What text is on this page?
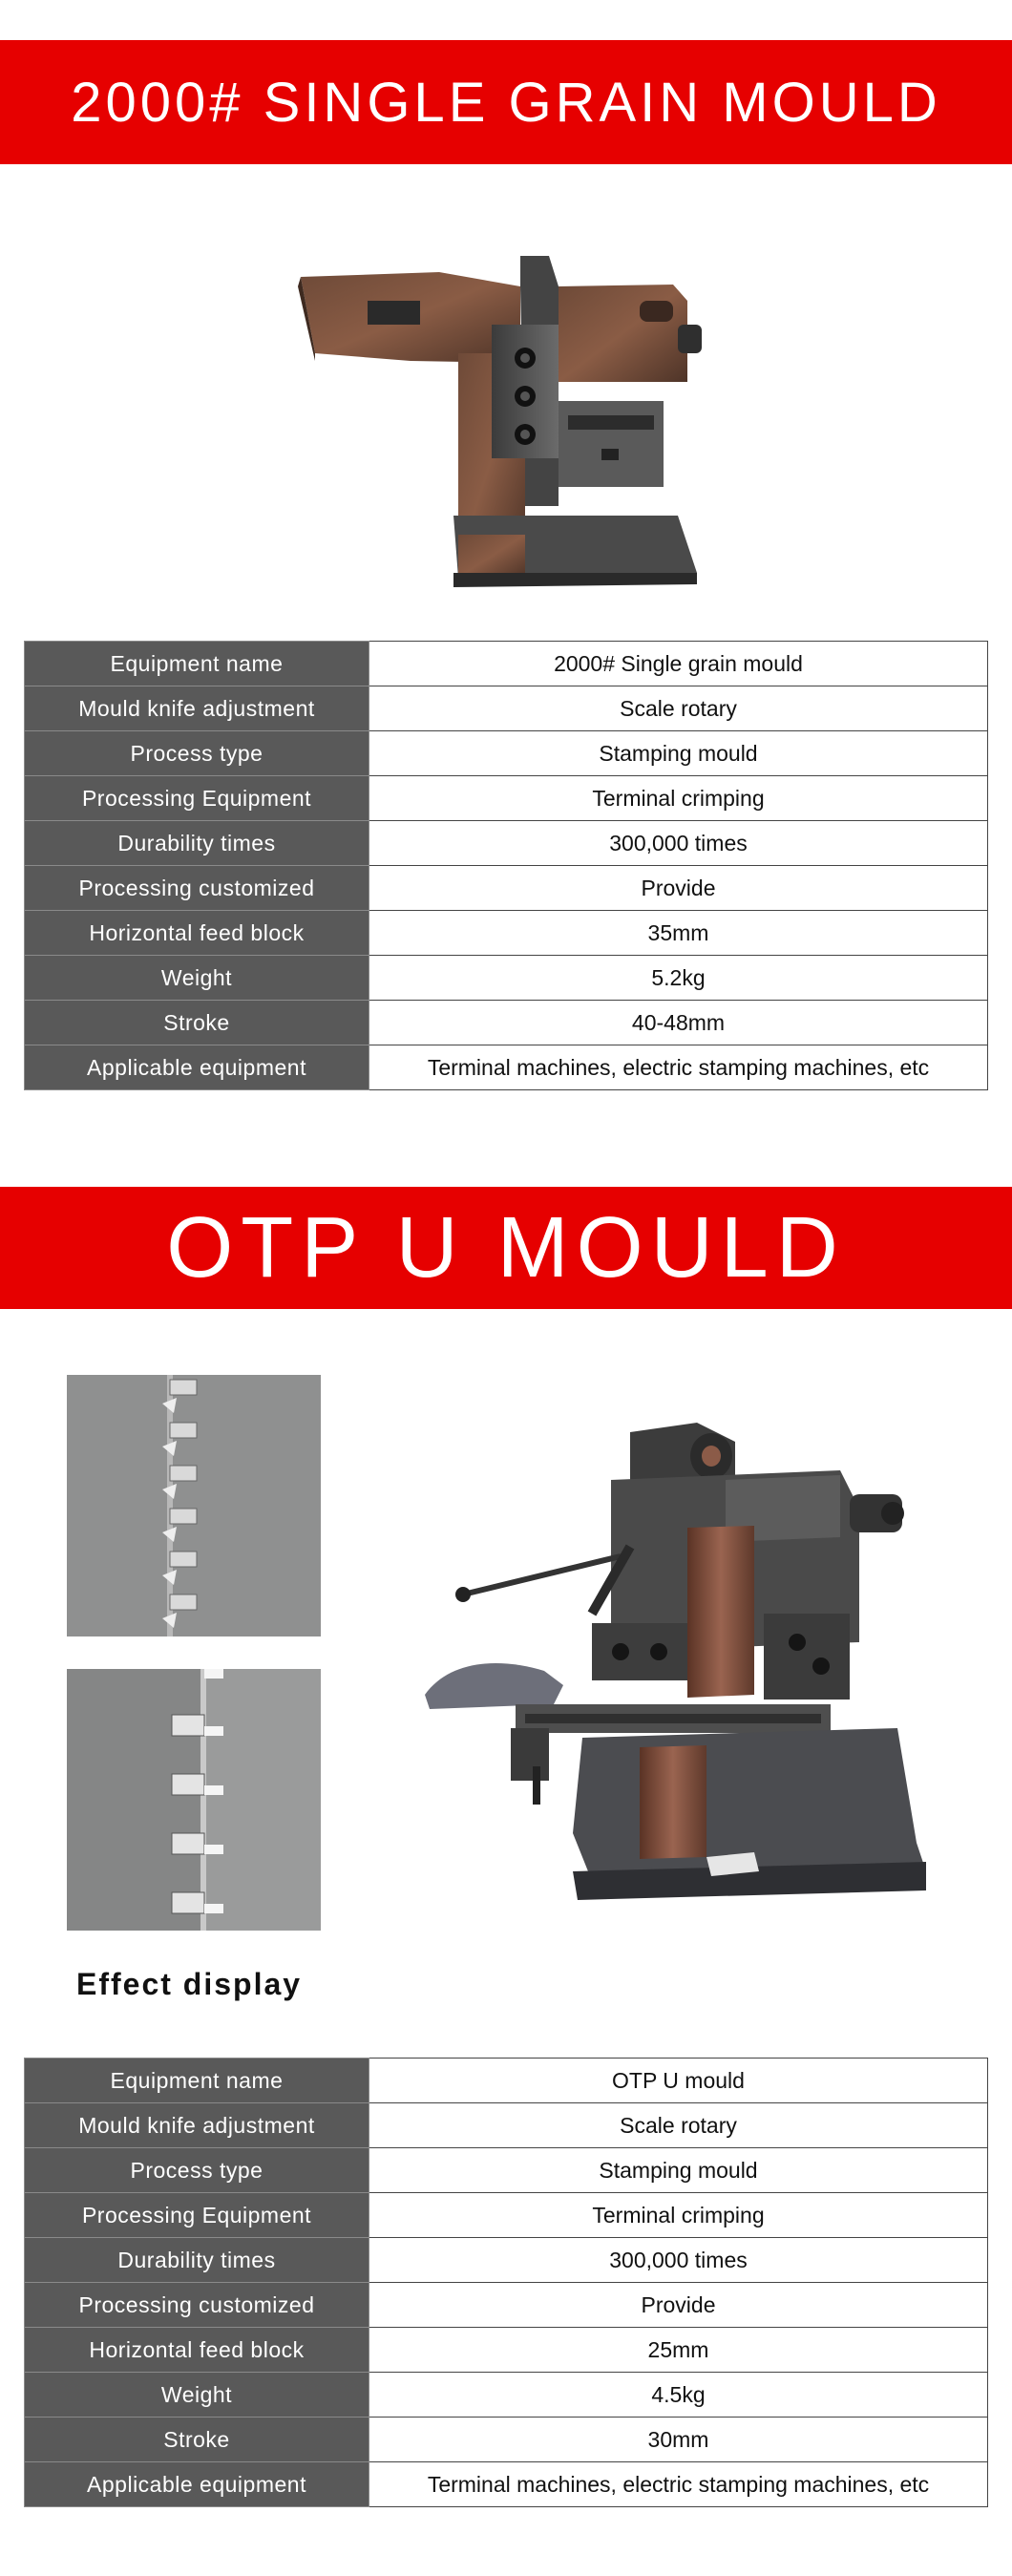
2000# SINGLE GRAIN MOULD
Equipment name	2000# Single grain mould
Mould knife adjustment	Scale rotary
Process type	Stamping mould
Processing Equipment	Terminal crimping
Durability times	300,000 times
Processing customized	Provide
Horizontal feed block	35mm
Weight	5.2kg
Stroke	40-48mm
Applicable equipment	Terminal machines, electric stamping machines, etc
OTP U MOULD
Effect display
Equipment name	OTP U mould
Mould knife adjustment	Scale rotary
Process type	Stamping mould
Processing Equipment	Terminal crimping
Durability times	300,000 times
Processing customized	Provide
Horizontal feed block	25mm
Weight	4.5kg
Stroke	30mm
Applicable equipment	Terminal machines, electric stamping machines, etc
